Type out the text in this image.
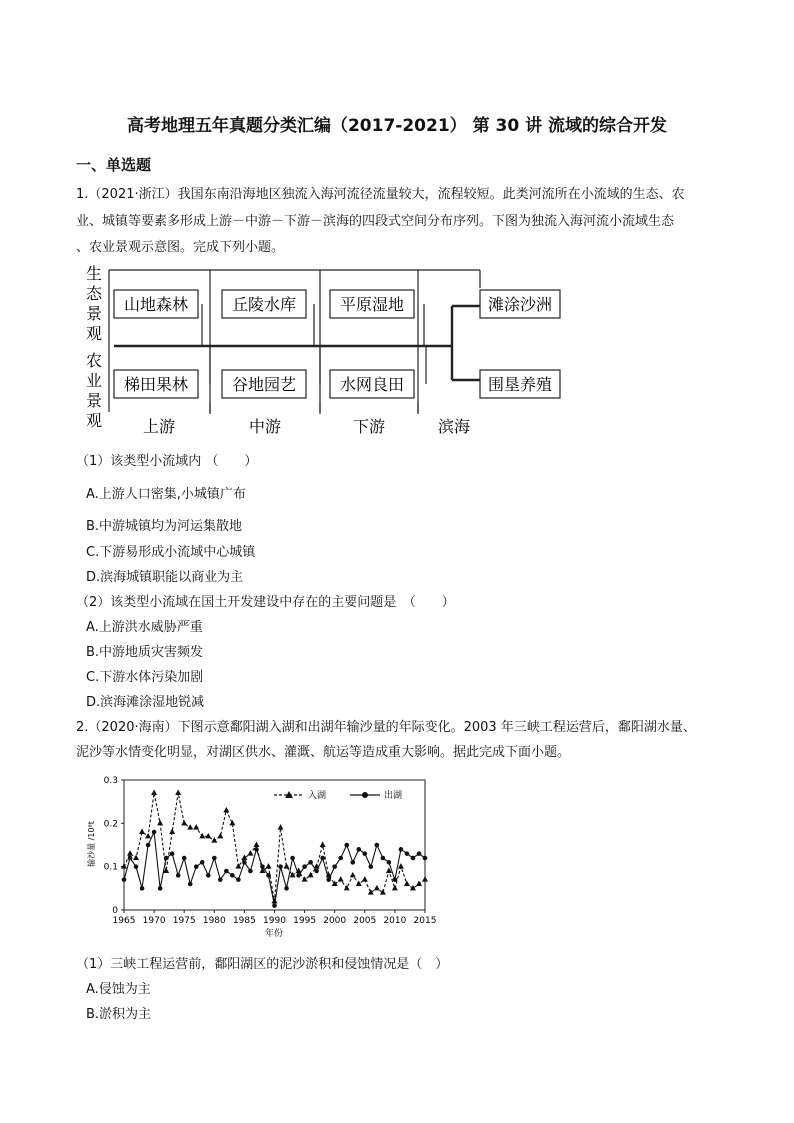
高考地理五年真题分类汇编（2017-2021） 第 30 讲 流域的综合开发
一、单选题
1.（2021·浙江）我国东南沿海地区独流入海河流径流量较大，流程较短。此类河流所在小流域的生态、农
业、城镇等要素多形成上游－中游－下游－滨海的四段式空间分布序列。下图为独流入海河流小流域生态
、农业景观示意图。完成下列小题。
生
态
景
观
农
业
景
观
山地森林	丘陵水库	平原湿地	滩涂沙洲
梯田果林	谷地园艺	水网良田	围垦养殖
上游	中游	下游	滨海
（1）该类型小流域内 （　　）
A.上游人口密集,小城镇广布
B.中游城镇均为河运集散地
C.下游易形成小流域中心城镇
D.滨海城镇职能以商业为主
（2）该类型小流域在国土开发建设中存在的主要问题是　（　　）
A.上游洪水威胁严重
B.中游地质灾害频发
C.下游水体污染加剧
D.滨海滩涂湿地锐减
2.（2020·海南）下图示意鄱阳湖入湖和出湖年输沙量的年际变化。2003 年三峡工程运营后，鄱阳湖水量、
泥沙等水情变化明显，对湖区供水、灌溉、航运等造成重大影响。据此完成下面小题。
0
0.1
0.2
0.3
1965 1970 1975 1980 1985 1990 1995 2000 2005 2010 2015
输沙量 /10⁸t
年份
入湖	出湖
（1）三峡工程运营前，鄱阳湖区的泥沙淤积和侵蚀情况是（　）
A.侵蚀为主
B.淤积为主
